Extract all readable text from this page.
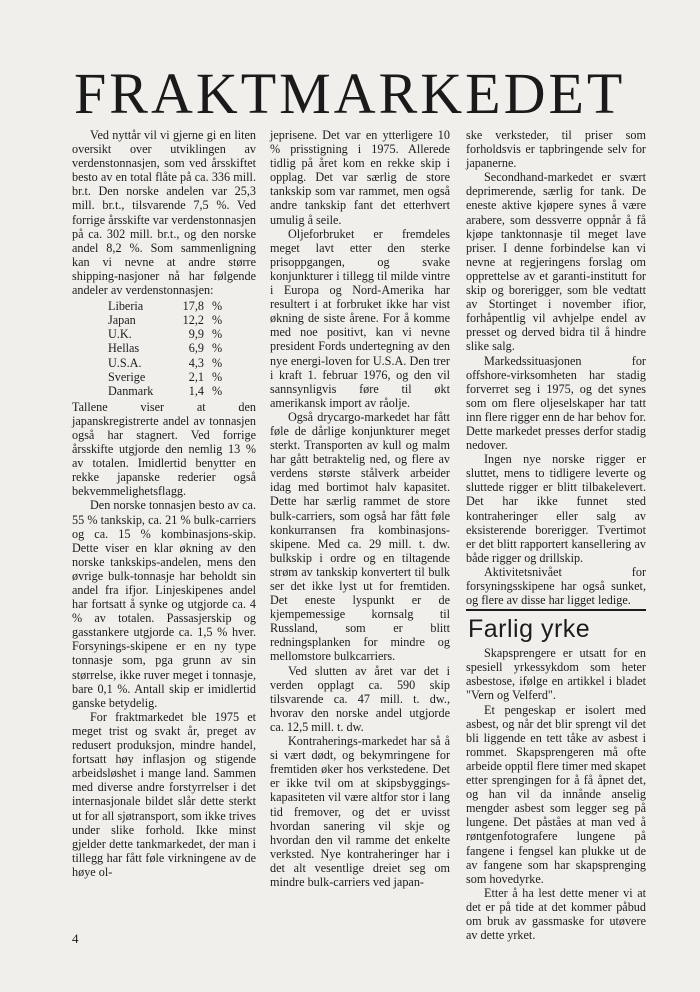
FRAKTMARKEDET

Ved nyttår vil vi gjerne gi en liten oversikt over utviklingen av verdenstonnasjen, som ved årsskiftet besto av en total flåte på ca. 336 mill. br.t. Den norske andelen var 25,3 mill. br.t., tilsvarende 7,5 %. Ved forrige årsskifte var verdenstonnasjen på ca. 302 mill. br.t., og den norske andel 8,2 %. Som sammenligning kan vi nevne at andre større shipping-nasjoner nå har følgende andeler av verdenstonnasjen:

Liberia	17,8	%
Japan	12,2	%
U.K.	9,9	%
Hellas	6,9	%
U.S.A.	4,3	%
Sverige	2,1	%
Danmark	1,4	%

Tallene viser at den japanskregistrerte andel av tonnasjen også har stagnert. Ved forrige årsskifte utgjorde den nemlig 13 % av totalen. Imidlertid benytter en rekke japanske rederier også bekvemmelighetsflagg.

Den norske tonnasjen besto av ca. 55 % tankskip, ca. 21 % bulk-carriers og ca. 15 % kombinasjons-skip. Dette viser en klar økning av den norske tankskips-andelen, mens den øvrige bulk-tonnasje har beholdt sin andel fra ifjor. Linjeskipenes andel har fortsatt å synke og utgjorde ca. 4 % av totalen. Passasjerskip og gasstankere utgjorde ca. 1,5 % hver. Forsynings-skipene er en ny type tonnasje som, pga grunn av sin størrelse, ikke ruver meget i tonnasje, bare 0,1 %. Antall skip er imidlertid ganske betydelig.

For fraktmarkedet ble 1975 et meget trist og svakt år, preget av redusert produksjon, mindre handel, fortsatt høy inflasjon og stigende arbeidsløshet i mange land. Sammen med diverse andre forstyrrelser i det internasjonale bildet slår dette sterkt ut for all sjøtransport, som ikke trives under slike forhold. Ikke minst gjelder dette tankmarkedet, der man i tillegg har fått føle virkningene av de høye ol-

jeprisene. Det var en ytterligere 10 % prisstigning i 1975. Allerede tidlig på året kom en rekke skip i opplag. Det var særlig de store tankskip som var rammet, men også andre tankskip fant det etterhvert umulig å seile.

Oljeforbruket er fremdeles meget lavt etter den sterke prisoppgangen, og svake konjunkturer i tillegg til milde vintre i Europa og Nord-Amerika har resultert i at forbruket ikke har vist økning de siste årene. For å komme med noe positivt, kan vi nevne president Fords undertegning av den nye energi-loven for U.S.A. Den trer i kraft 1. februar 1976, og den vil sannsynligvis føre til økt amerikansk import av råolje.

Også drycargo-markedet har fått føle de dårlige konjunkturer meget sterkt. Transporten av kull og malm har gått betraktelig ned, og flere av verdens største stålverk arbeider idag med bortimot halv kapasitet. Dette har særlig rammet de store bulk-carriers, som også har fått føle konkurransen fra kombinasjons-skipene. Med ca. 29 mill. t. dw. bulkskip i ordre og en tiltagende strøm av tankskip konvertert til bulk ser det ikke lyst ut for fremtiden. Det eneste lyspunkt er de kjempemessige kornsalg til Russland, som er blitt redningsplanken for mindre og mellomstore bulkcarriers.

Ved slutten av året var det i verden opplagt ca. 590 skip tilsvarende ca. 47 mill. t. dw., hvorav den norske andel utgjorde ca. 12,5 mill. t. dw.

Kontraherings-markedet har så å si vært dødt, og bekymringene for fremtiden øker hos verkstedene. Det er ikke tvil om at skipsbyggings-kapasiteten vil være altfor stor i lang tid fremover, og det er uvisst hvordan sanering vil skje og hvordan den vil ramme det enkelte verksted. Nye kontraheringer har i det alt vesentlige dreiet seg om mindre bulk-carriers ved japan-

ske verksteder, til priser som forholdsvis er tapbringende selv for japanerne.

Secondhand-markedet er svært deprimerende, særlig for tank. De eneste aktive kjøpere synes å være arabere, som dessverre oppnår å få kjøpe tanktonnasje til meget lave priser. I denne forbindelse kan vi nevne at regjeringens forslag om opprettelse av et garanti-institutt for skip og borerigger, som ble vedtatt av Stortinget i november ifior, forhåpentlig vil avhjelpe endel av presset og derved bidra til å hindre slike salg.

Markedssituasjonen for offshore-virksomheten har stadig forverret seg i 1975, og det synes som om flere oljeselskaper har tatt inn flere rigger enn de har behov for. Dette markedet presses derfor stadig nedover.

Ingen nye norske rigger er sluttet, mens to tidligere leverte og sluttede rigger er blitt tilbakelevert. Det har ikke funnet sted kontraheringer eller salg av eksisterende borerigger. Tvertimot er det blitt rapportert kansellering av både rigger og drillskip.

Aktivitetsnivået for forsyningsskipene har også sunket, og flere av disse har ligget ledige.

Farlig yrke

Skapsprengere er utsatt for en spesiell yrkessykdom som heter asbestose, ifølge en artikkel i bladet "Vern og Velferd".

Et pengeskap er isolert med asbest, og når det blir sprengt vil det bli liggende en tett tåke av asbest i rommet. Skapsprengeren må ofte arbeide opptil flere timer med skapet etter sprengingen for å få åpnet det, og han vil da innånde anselig mengder asbest som legger seg på lungene. Det påståes at man ved å røntgenfotografere lungene på fangene i fengsel kan plukke ut de av fangene som har skapsprenging som hovedyrke.

Etter å ha lest dette mener vi at det er på tide at det kommer påbud om bruk av gassmaske for utøvere av dette yrket.

4
